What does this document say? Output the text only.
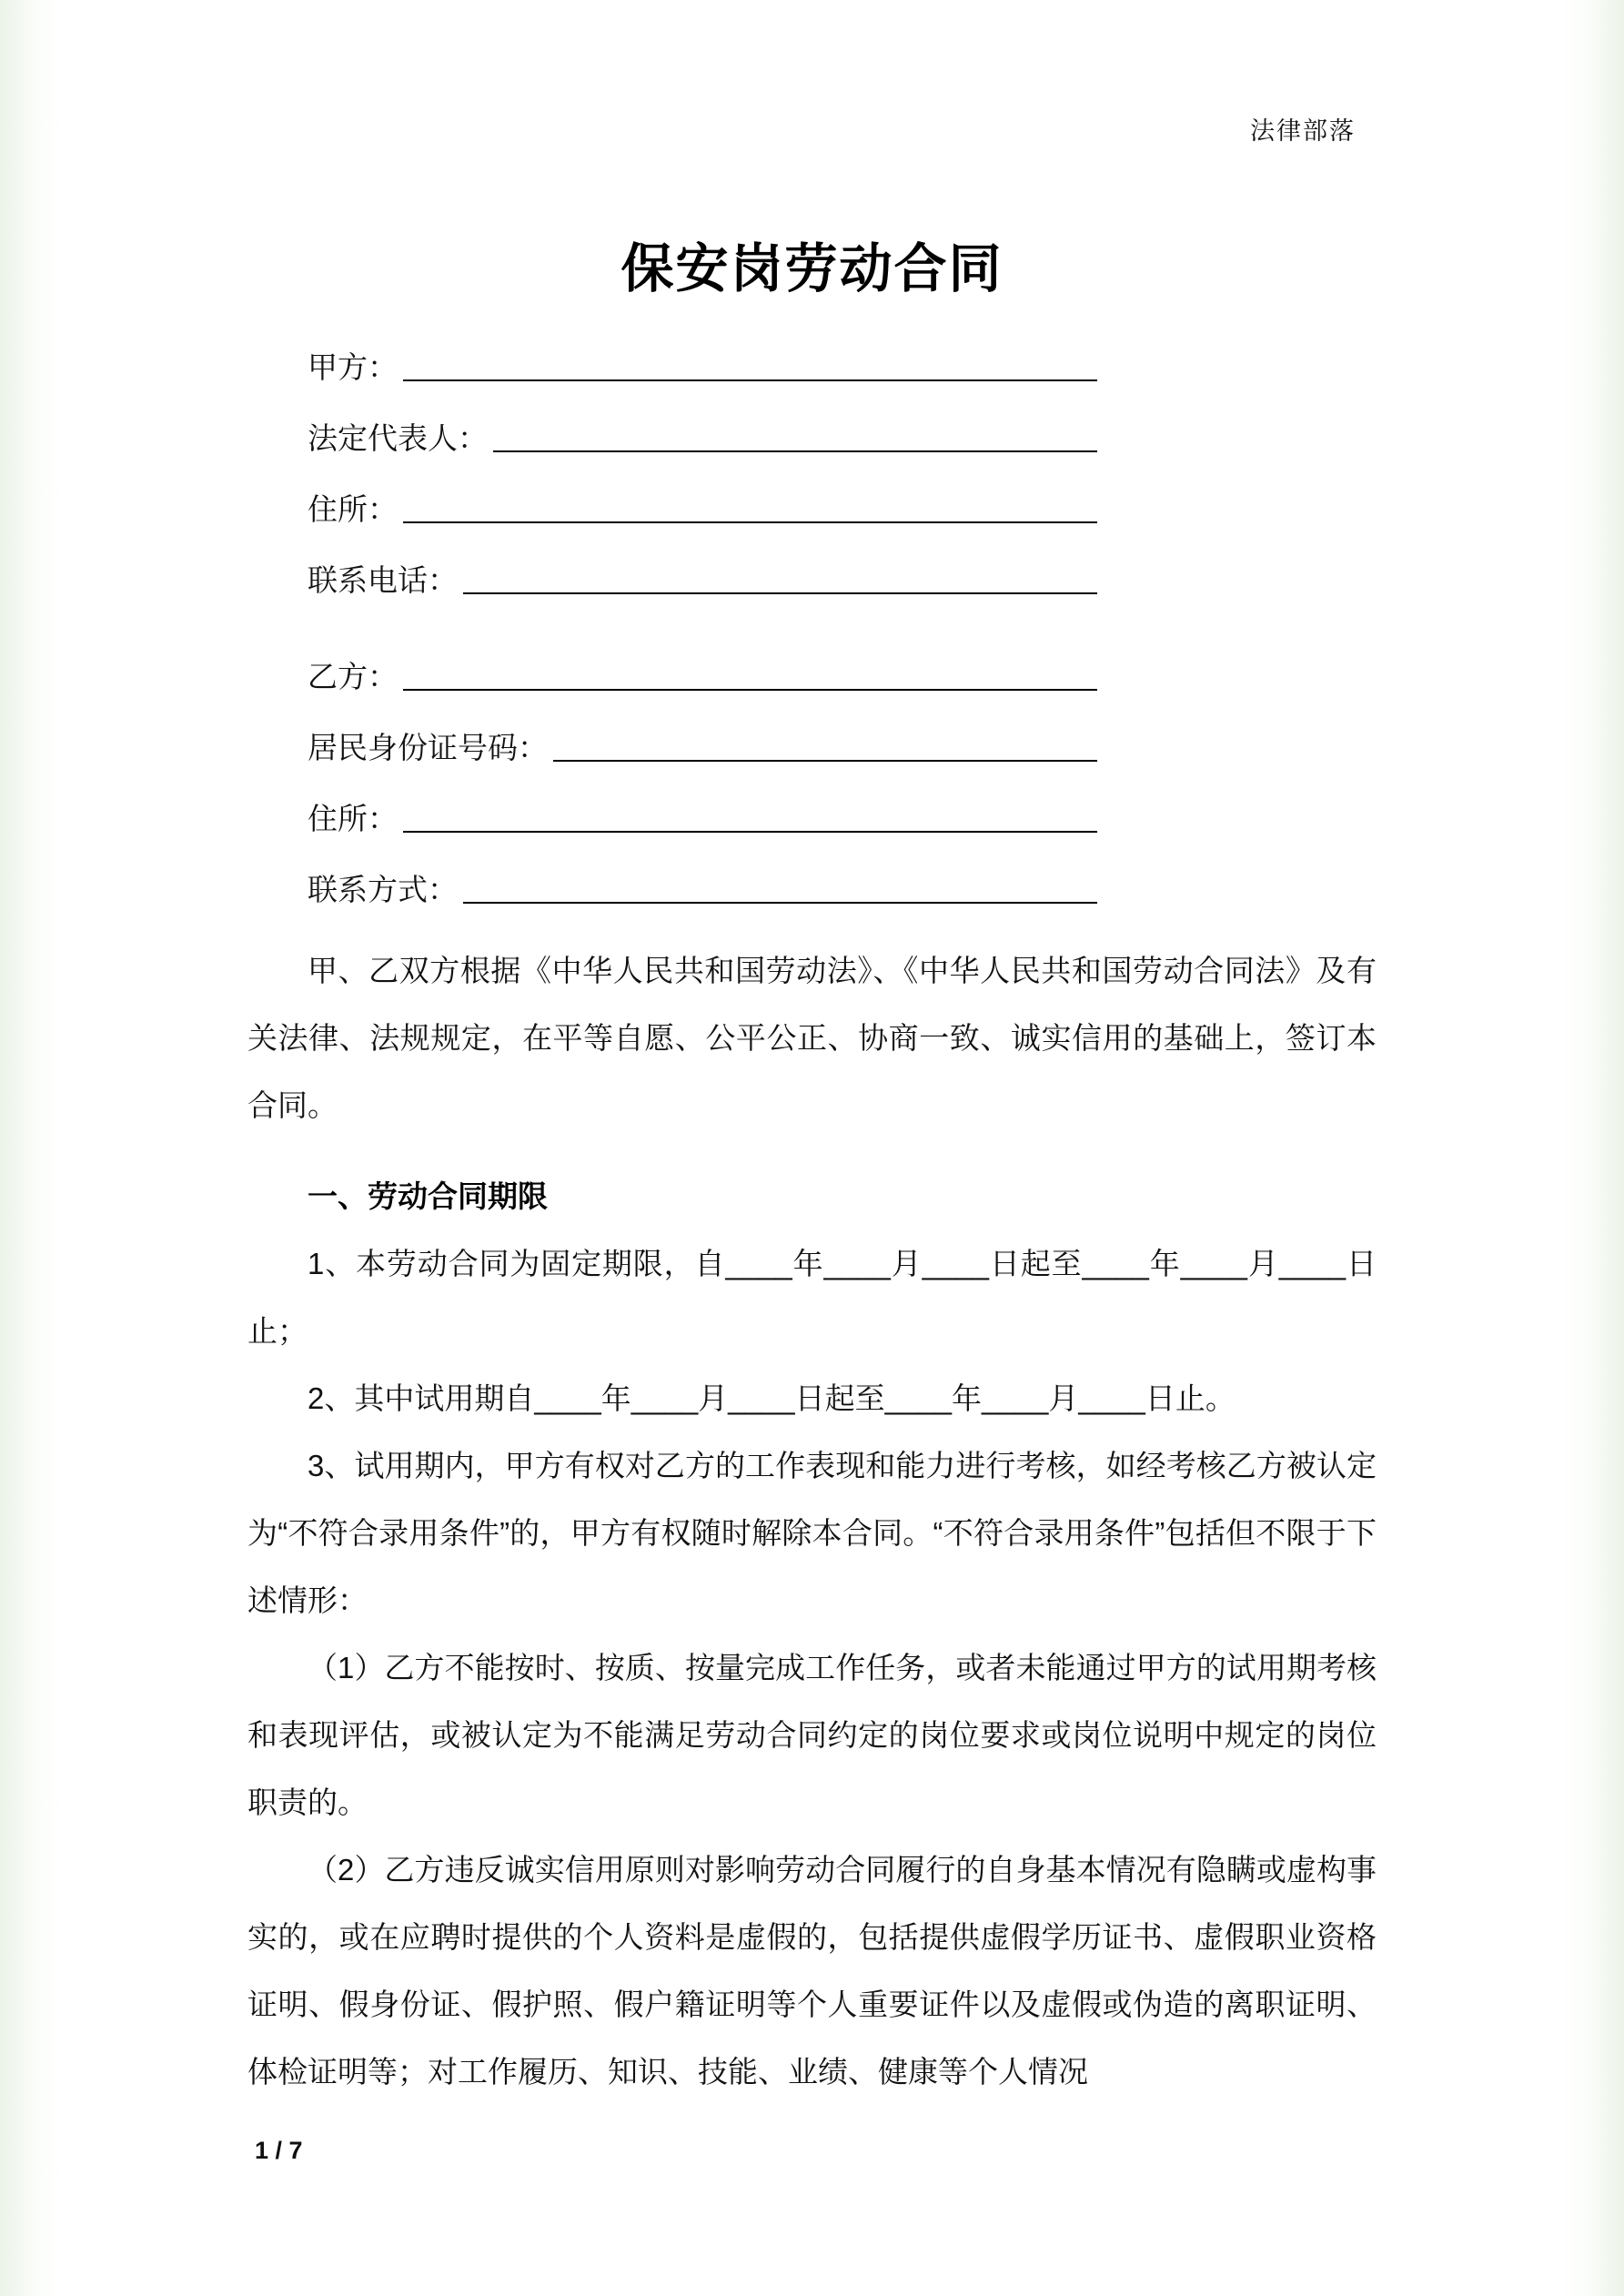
法律部落
保安岗劳动合同
甲方：
法定代表人：
住所：
联系电话：
乙方：
居民身份证号码：
住所：
联系方式：

甲、乙双方根据《中华人民共和国劳动法》、《中华人民共和国劳动合同法》及有关法律、法规规定，在平等自愿、公平公正、协商一致、诚实信用的基础上，签订本合同。

一、劳动合同期限

1、本劳动合同为固定期限，自____年____月____日起至____年____月____日止；

2、其中试用期自____年____月____日起至____年____月____日止。

3、试用期内，甲方有权对乙方的工作表现和能力进行考核，如经考核乙方被认定为“不符合录用条件”的，甲方有权随时解除本合同。“不符合录用条件”包括但不限于下述情形：

（1）乙方不能按时、按质、按量完成工作任务，或者未能通过甲方的试用期考核和表现评估，或被认定为不能满足劳动合同约定的岗位要求或岗位说明中规定的岗位职责的。

（2）乙方违反诚实信用原则对影响劳动合同履行的自身基本情况有隐瞒或虚构事实的，或在应聘时提供的个人资料是虚假的，包括提供虚假学历证书、虚假职业资格证明、假身份证、假护照、假户籍证明等个人重要证件以及虚假或伪造的离职证明、体检证明等；对工作履历、知识、技能、业绩、健康等个人情况

1 / 7
